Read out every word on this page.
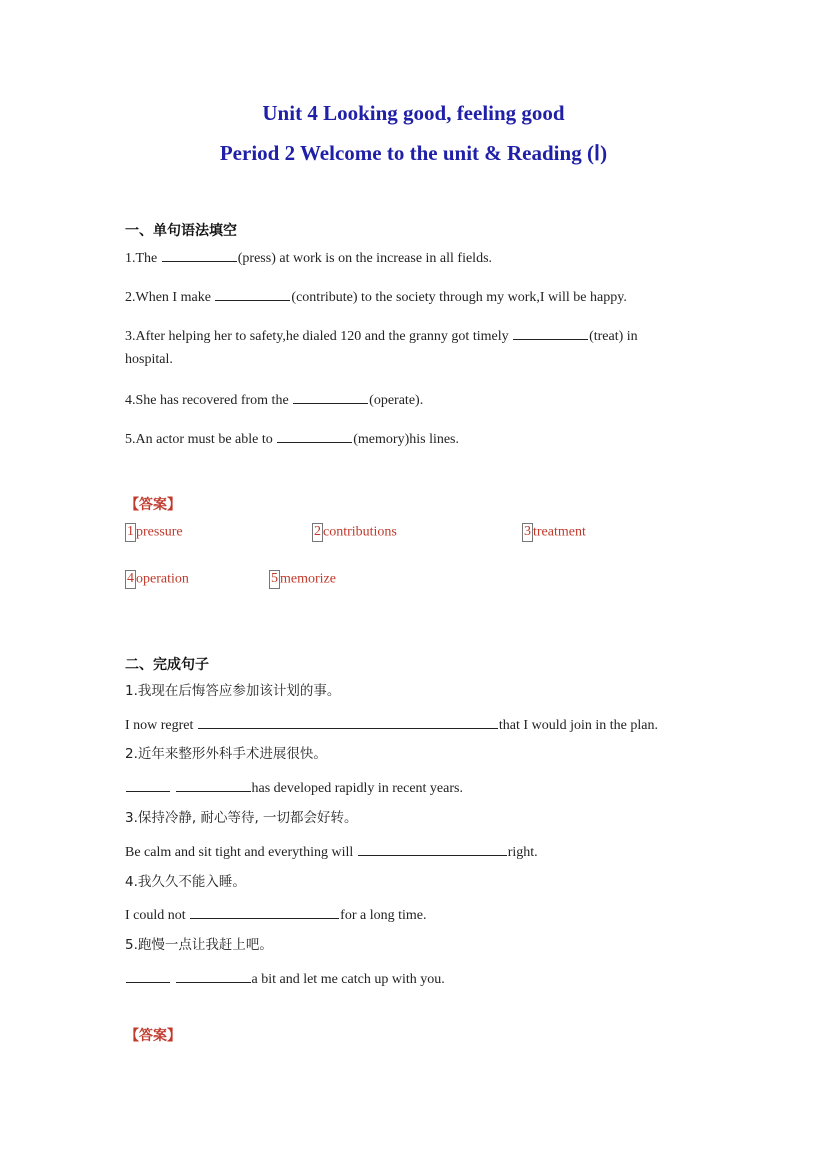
Unit 4 Looking good, feeling good
Period 2 Welcome to the unit & Reading (Ⅰ)
一、单句语法填空
1.The	(press) at work is on the increase in all fields.
2.When I make	(contribute) to the society through my work,I will be happy.
3.After helping her to safety,he dialed 120 and the granny got timely	(treat) in
hospital.
4.She has recovered from the	(operate).
5.An actor must be able to	(memory)his lines.
【答案】
1 pressure	2 contributions	3 treatment
4 operation	5 memorize
二、完成句子
1.我现在后悔答应参加该计划的事。
I now regret	that I would join in the plan.
2.近年来整形外科手术进展很快。
has developed rapidly in recent years.
3.保持冷静, 耐心等待, 一切都会好转。
Be calm and sit tight and everything will	right.
4.我久久不能入睡。
I could not	for a long time.
5.跑慢一点让我赶上吧。
a bit and let me catch up with you.
【答案】
